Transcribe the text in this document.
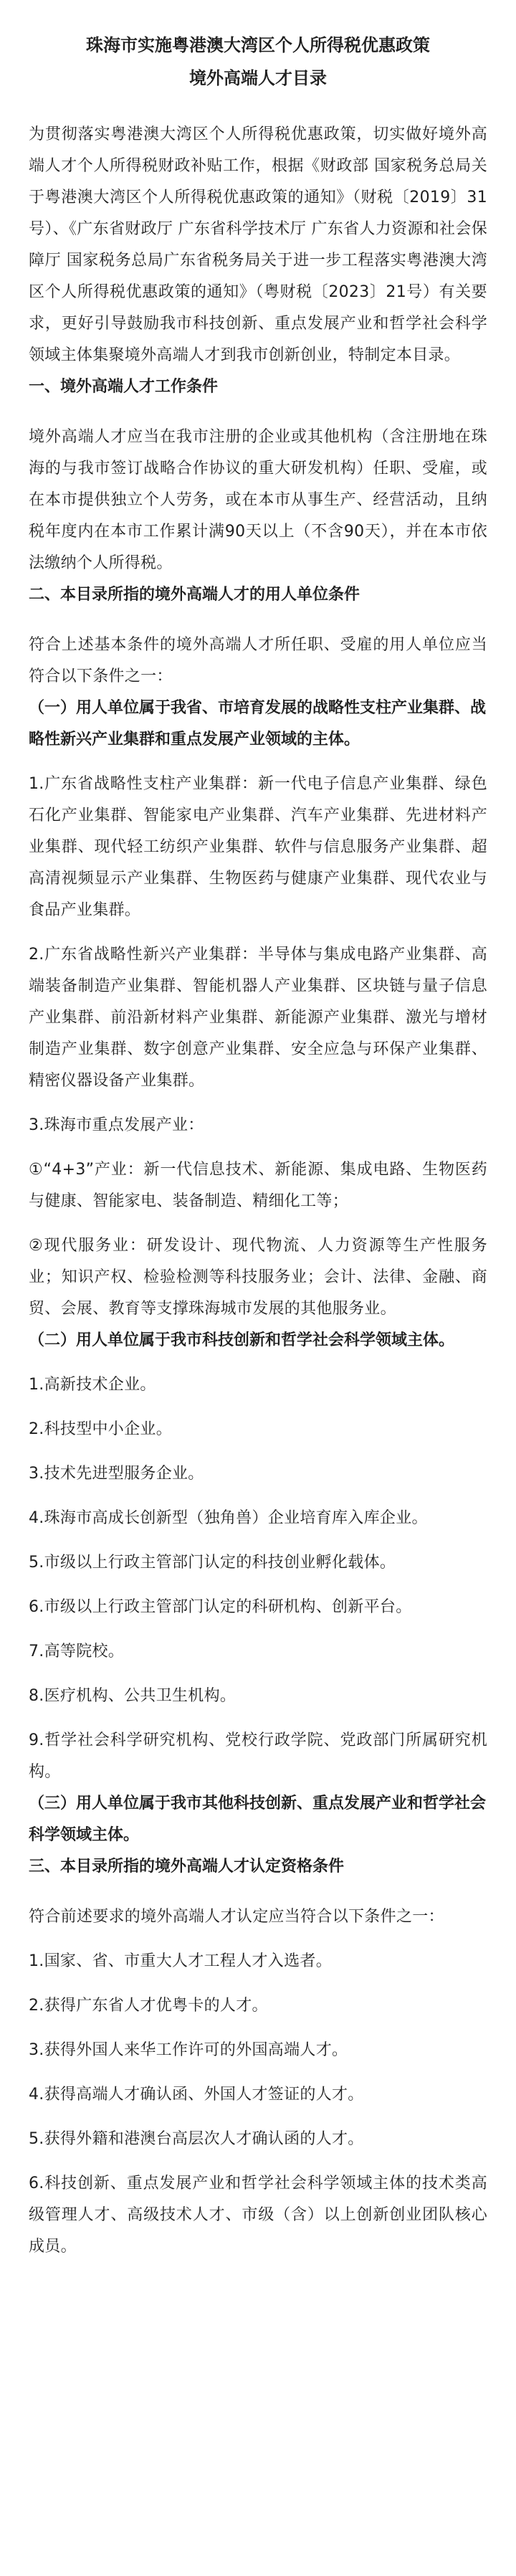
珠海市实施粤港澳大湾区个人所得税优惠政策
境外高端人才目录

为贯彻落实粤港澳大湾区个人所得税优惠政策，切实做好境外高端人才个人所得税财政补贴工作，根据《财政部 国家税务总局关于粤港澳大湾区个人所得税优惠政策的通知》（财税〔2019〕31号）、《广东省财政厅 广东省科学技术厅 广东省人力资源和社会保障厅 国家税务总局广东省税务局关于进一步工程落实粤港澳大湾区个人所得税优惠政策的通知》（粤财税〔2023〕21号）有关要求，更好引导鼓励我市科技创新、重点发展产业和哲学社会科学领域主体集聚境外高端人才到我市创新创业，特制定本目录。

一、境外高端人才工作条件

境外高端人才应当在我市注册的企业或其他机构（含注册地在珠海的与我市签订战略合作协议的重大研发机构）任职、受雇，或在本市提供独立个人劳务，或在本市从事生产、经营活动，且纳税年度内在本市工作累计满90天以上（不含90天），并在本市依法缴纳个人所得税。

二、本目录所指的境外高端人才的用人单位条件

符合上述基本条件的境外高端人才所任职、受雇的用人单位应当符合以下条件之一：

（一）用人单位属于我省、市培育发展的战略性支柱产业集群、战略性新兴产业集群和重点发展产业领域的主体。

1.广东省战略性支柱产业集群：新一代电子信息产业集群、绿色石化产业集群、智能家电产业集群、汽车产业集群、先进材料产业集群、现代轻工纺织产业集群、软件与信息服务产业集群、超高清视频显示产业集群、生物医药与健康产业集群、现代农业与食品产业集群。

2.广东省战略性新兴产业集群：半导体与集成电路产业集群、高端装备制造产业集群、智能机器人产业集群、区块链与量子信息产业集群、前沿新材料产业集群、新能源产业集群、激光与增材制造产业集群、数字创意产业集群、安全应急与环保产业集群、精密仪器设备产业集群。

3.珠海市重点发展产业：

①“4+3”产业：新一代信息技术、新能源、集成电路、生物医药与健康、智能家电、装备制造、精细化工等；

②现代服务业：研发设计、现代物流、人力资源等生产性服务业；知识产权、检验检测等科技服务业；会计、法律、金融、商贸、会展、教育等支撑珠海城市发展的其他服务业。

（二）用人单位属于我市科技创新和哲学社会科学领域主体。

1.高新技术企业。

2.科技型中小企业。

3.技术先进型服务企业。

4.珠海市高成长创新型（独角兽）企业培育库入库企业。

5.市级以上行政主管部门认定的科技创业孵化载体。

6.市级以上行政主管部门认定的科研机构、创新平台。

7.高等院校。

8.医疗机构、公共卫生机构。

9.哲学社会科学研究机构、党校行政学院、党政部门所属研究机构。

（三）用人单位属于我市其他科技创新、重点发展产业和哲学社会科学领域主体。
三、本目录所指的境外高端人才认定资格条件

符合前述要求的境外高端人才认定应当符合以下条件之一：

1.国家、省、市重大人才工程人才入选者。

2.获得广东省人才优粤卡的人才。

3.获得外国人来华工作许可的外国高端人才。

4.获得高端人才确认函、外国人才签证的人才。

5.获得外籍和港澳台高层次人才确认函的人才。

6.科技创新、重点发展产业和哲学社会科学领域主体的技术类高级管理人才、高级技术人才、市级（含）以上创新创业团队核心成员。
